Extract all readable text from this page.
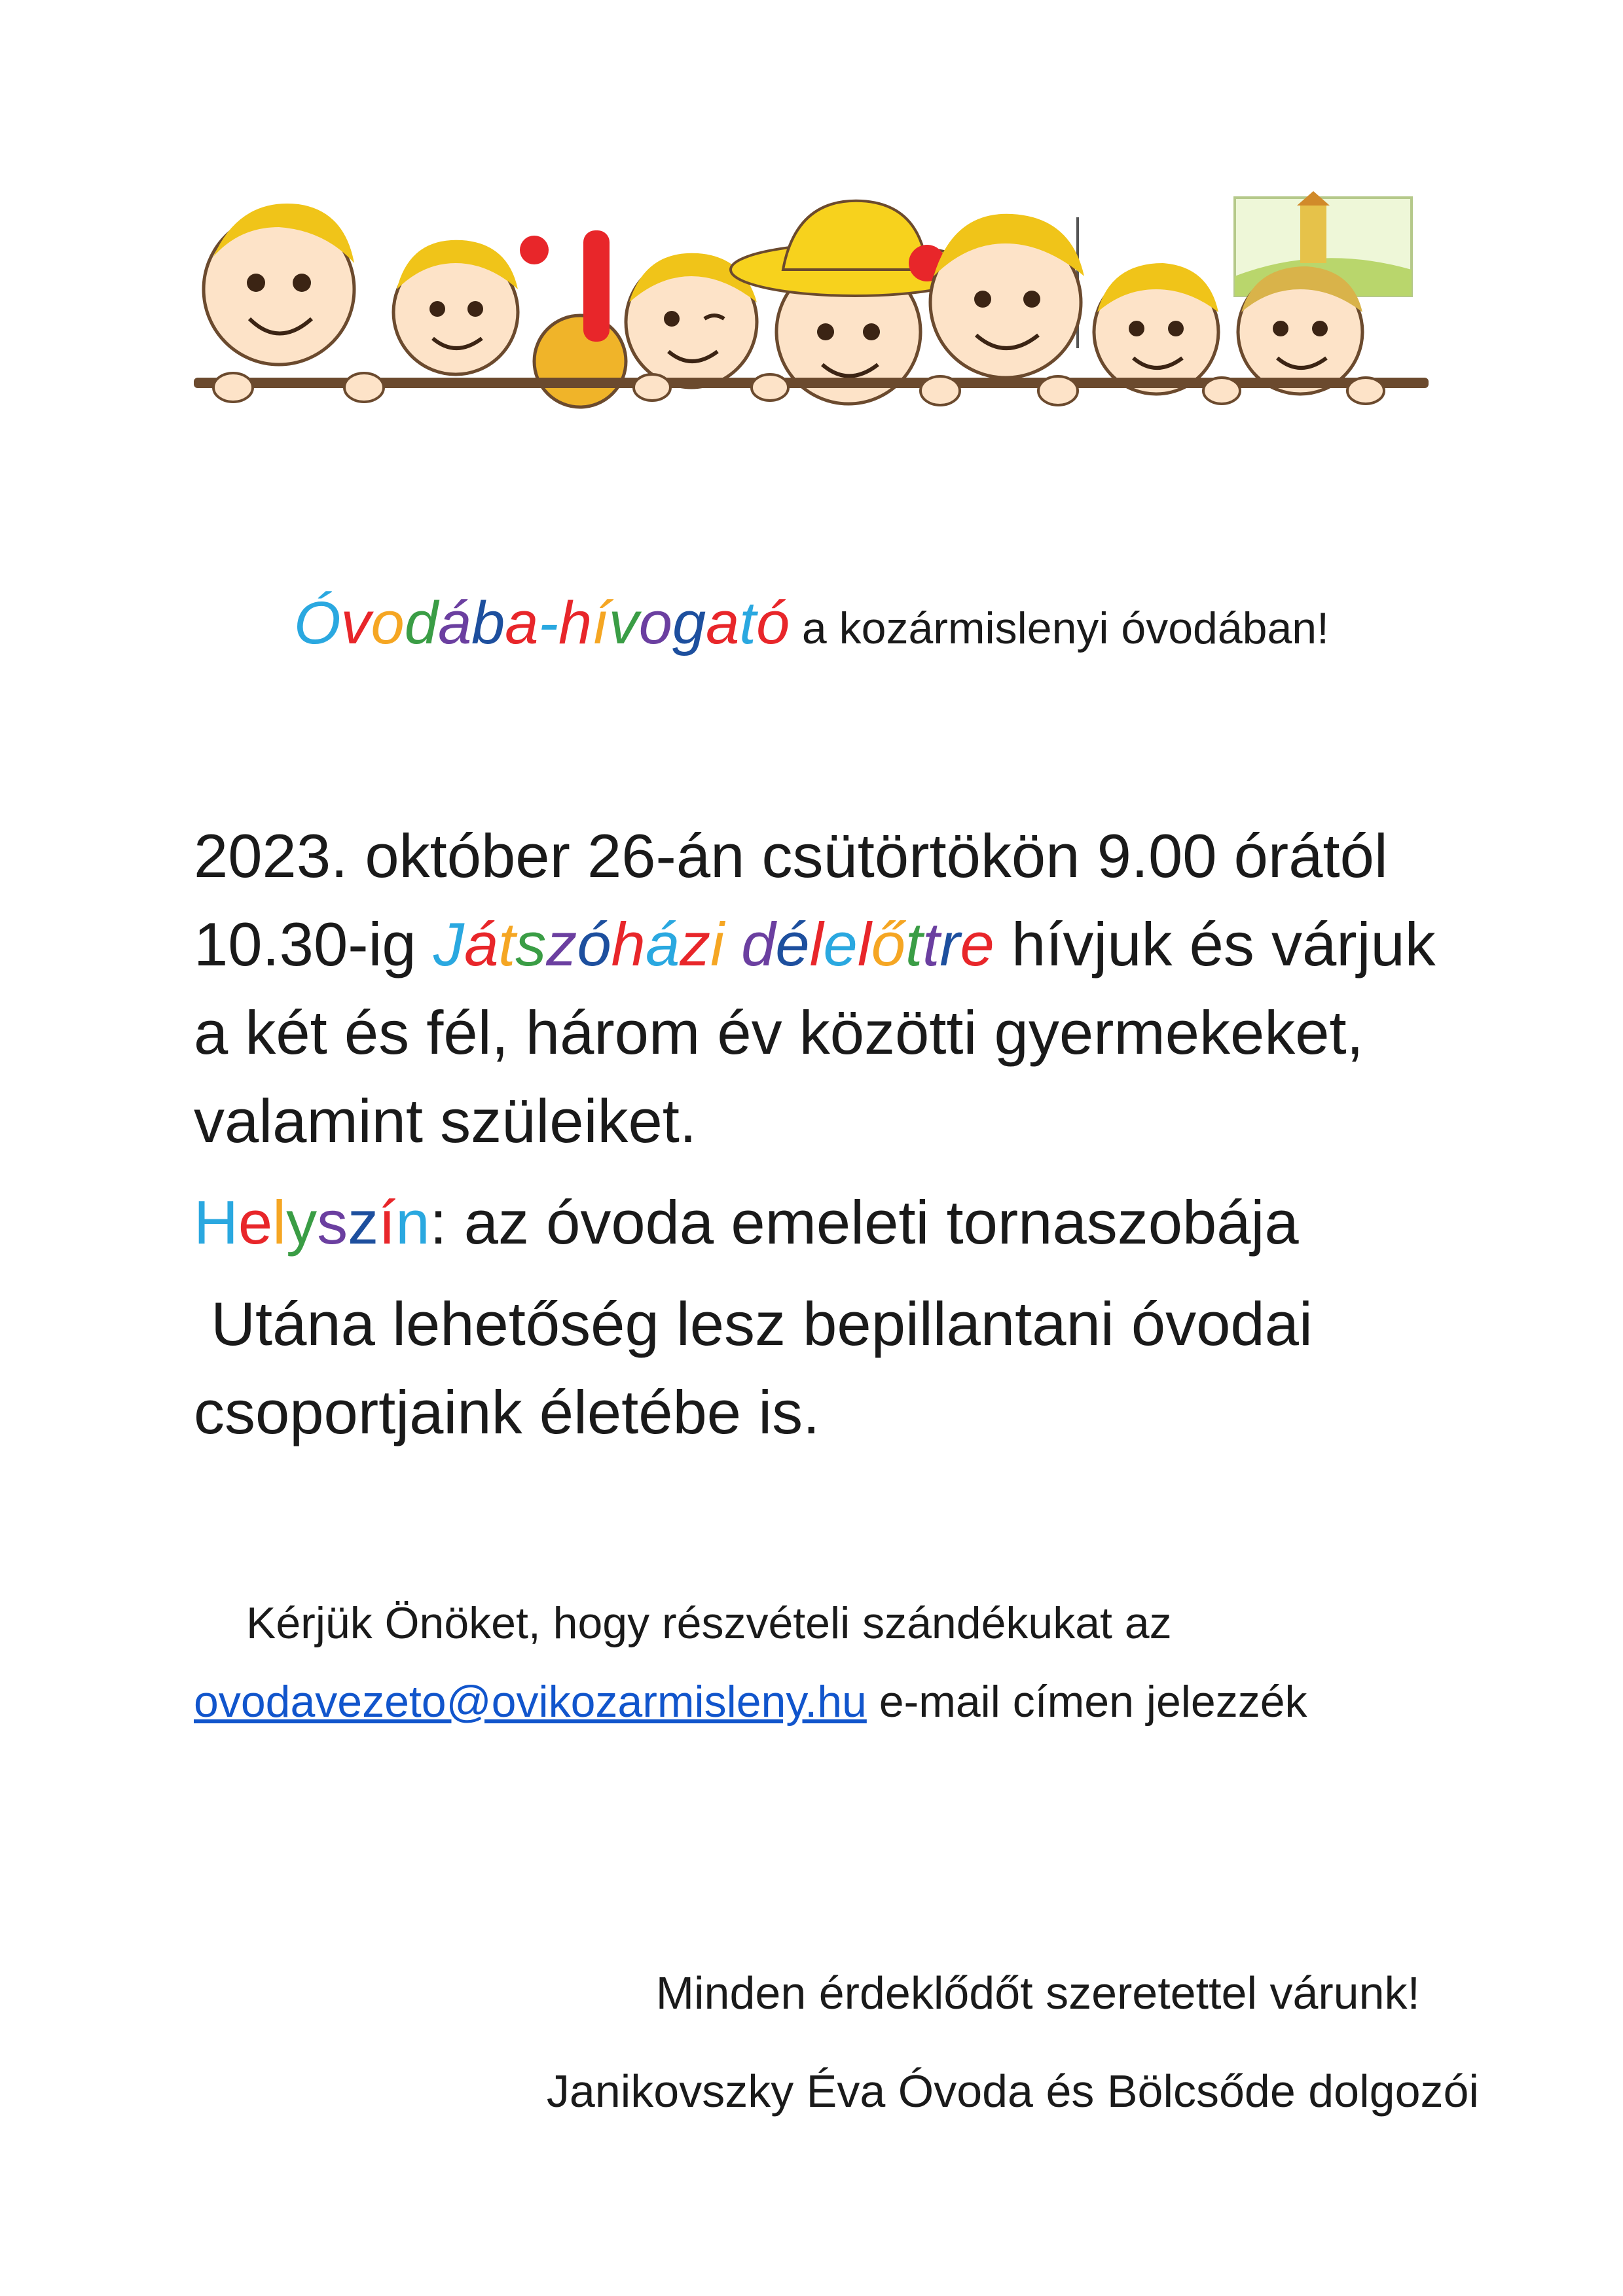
Óvodába-hívogató a kozármislenyi óvodában!

2023. október 26-án csütörtökön 9.00 órától

10.30-ig Játszóházi délelőttre hívjuk és várjuk

a két és fél, három év közötti gyermekeket,

valamint szüleiket.

Helyszín: az óvoda emeleti tornaszobája

Utána lehetőség lesz bepillantani óvodai

csoportjaink életébe is.

Kérjük Önöket, hogy részvételi szándékukat az

ovodavezeto@ovikozarmisleny.hu e-mail címen jelezzék

Minden érdeklődőt szeretettel várunk!

Janikovszky Éva Óvoda és Bölcsőde dolgozói
